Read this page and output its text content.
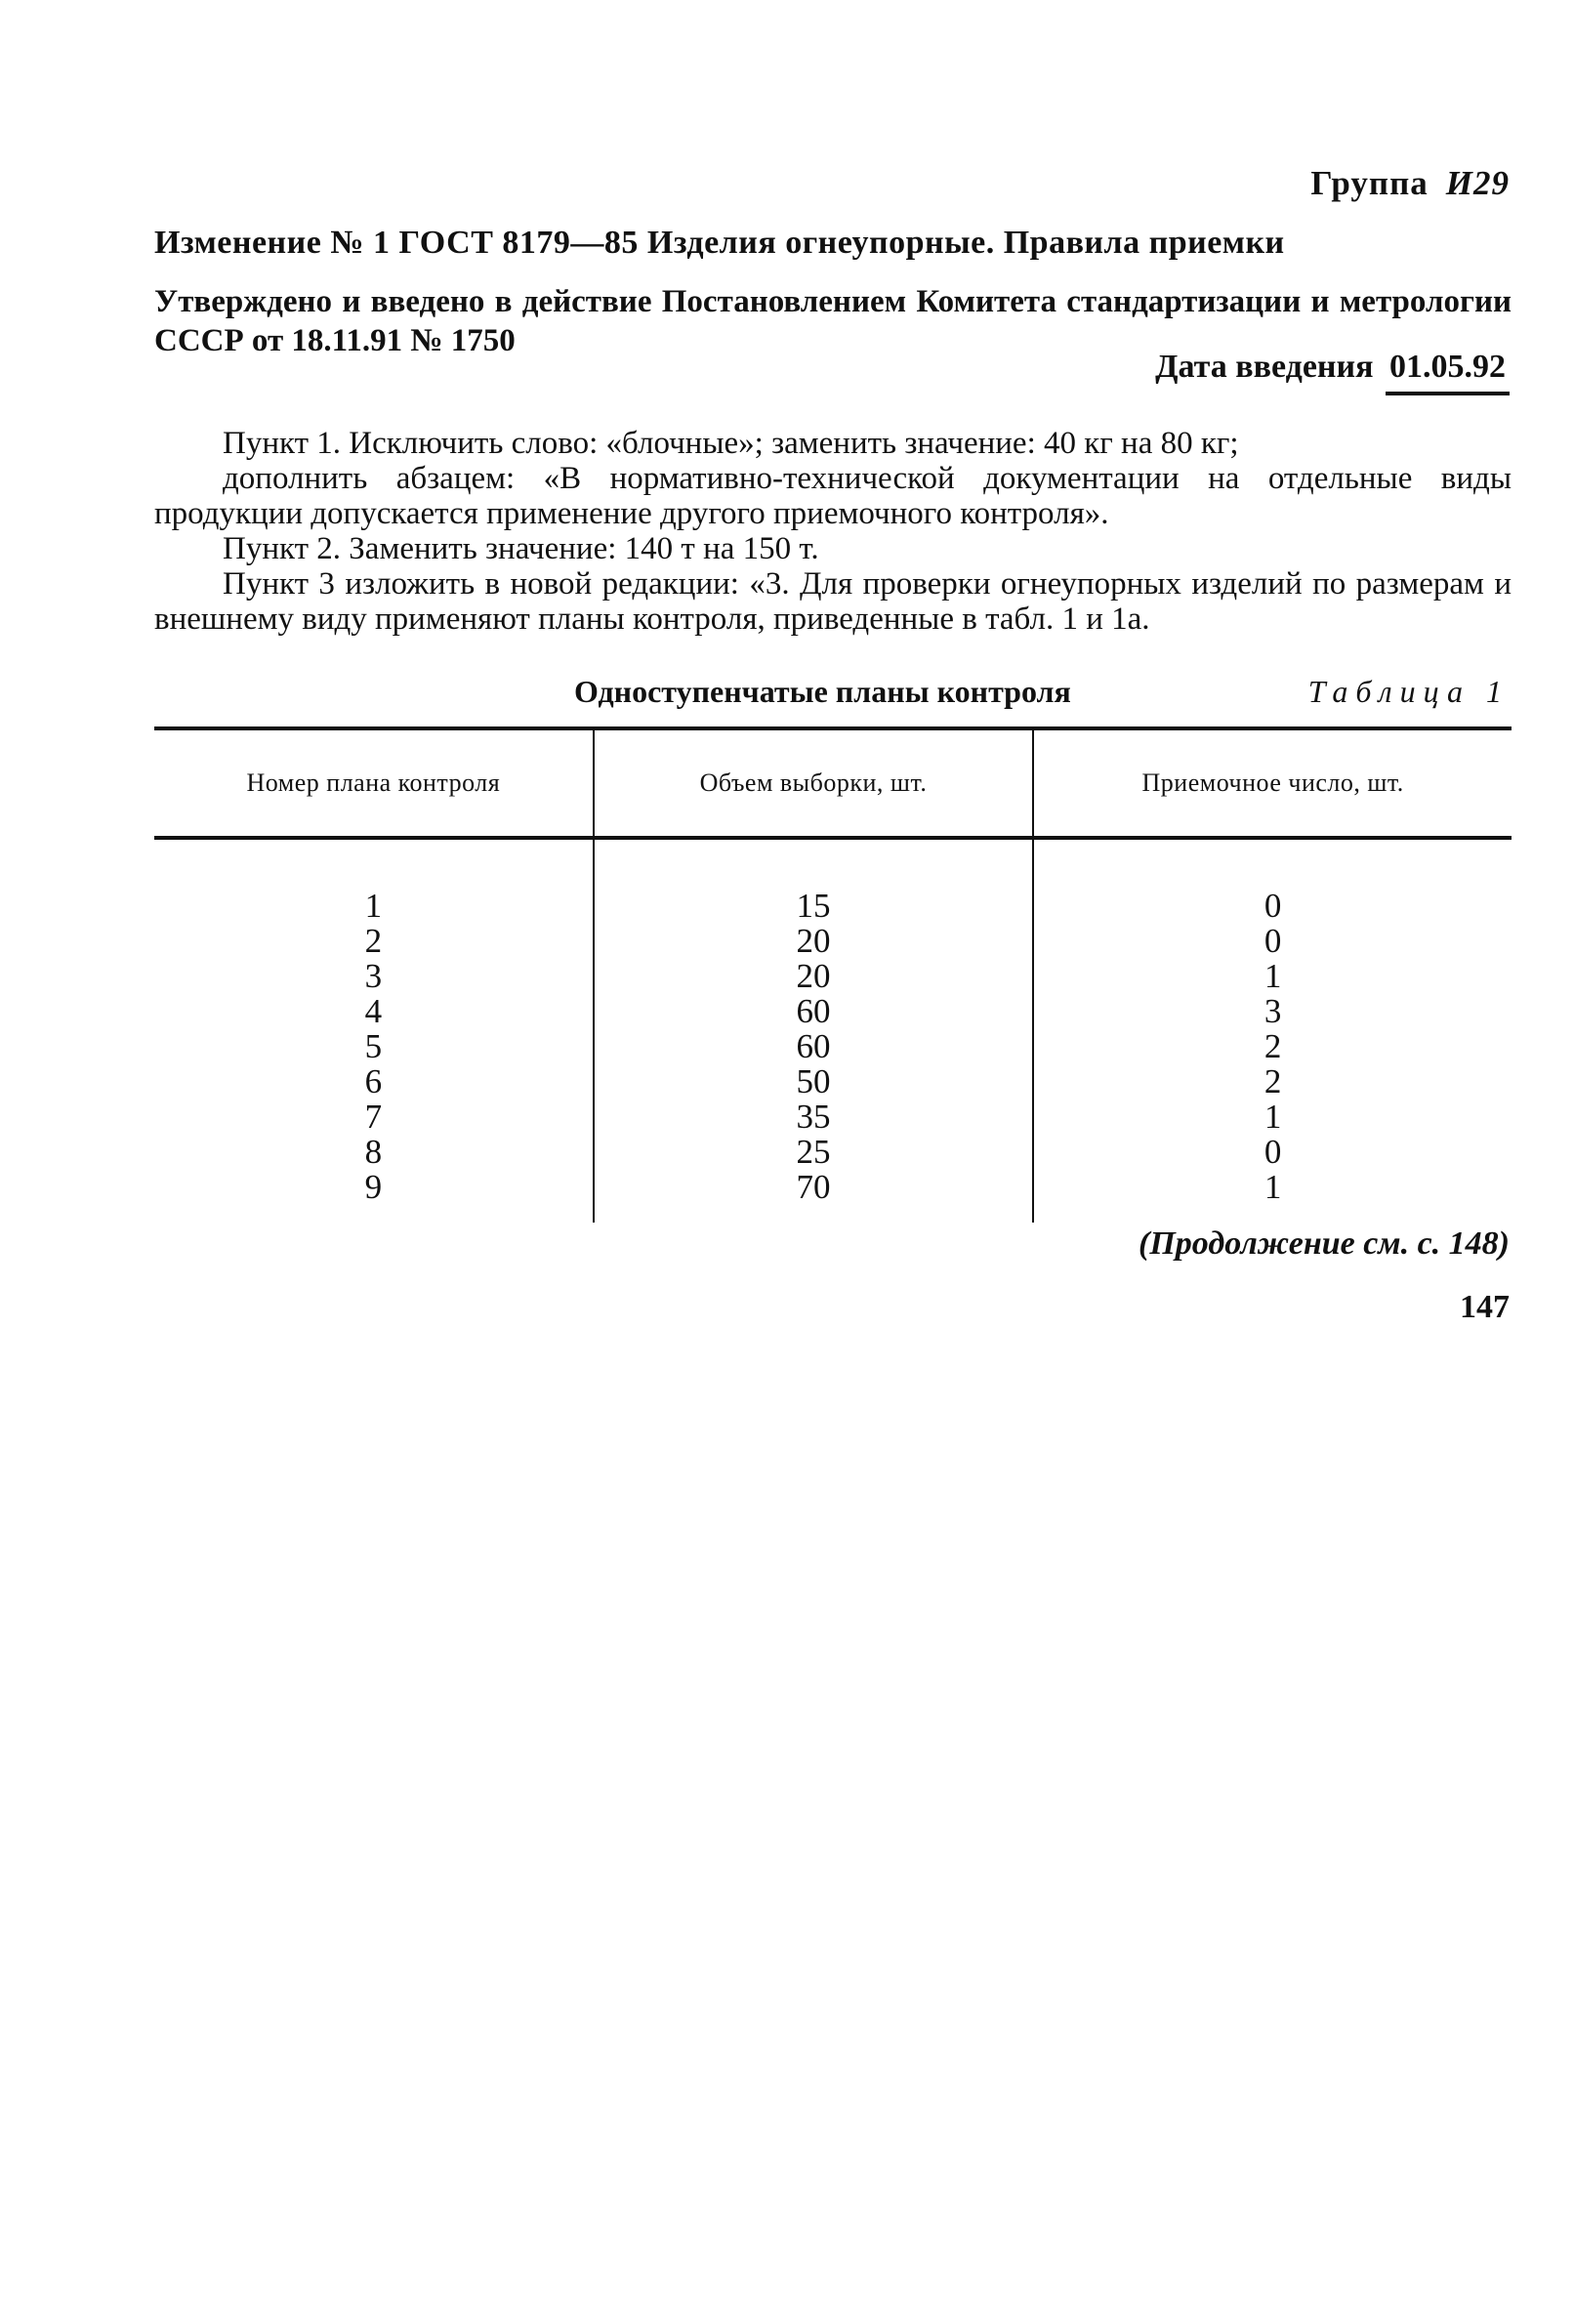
Группа И29
Изменение № 1 ГОСТ 8179—85 Изделия огнеупорные. Правила приемки
Утверждено и введено в действие Постановлением Комитета стандартизации и метрологии СССР от 18.11.91 № 1750
Дата введения 01.05.92

Пункт 1. Исключить слово: «блочные»; заменить значение: 40 кг на 80 кг;

дополнить абзацем: «В нормативно-технической документации на отдельные виды продукции допускается применение другого приемочного контроля».

Пункт 2. Заменить значение: 140 т на 150 т.

Пункт 3 изложить в новой редакции: «3. Для проверки огнеупорных изделий по размерам и внешнему виду применяют планы контроля, приведенные в табл. 1 и 1а.

Одноступенчатые планы контроля	Таблица 1
Номер плана контроля	Объем выборки, шт.	Приемочное число, шт.
1	15	0
2	20	0
3	20	1
4	60	3
5	60	2
6	50	2
7	35	1
8	25	0
9	70	1
(Продолжение см. с. 148)
147
